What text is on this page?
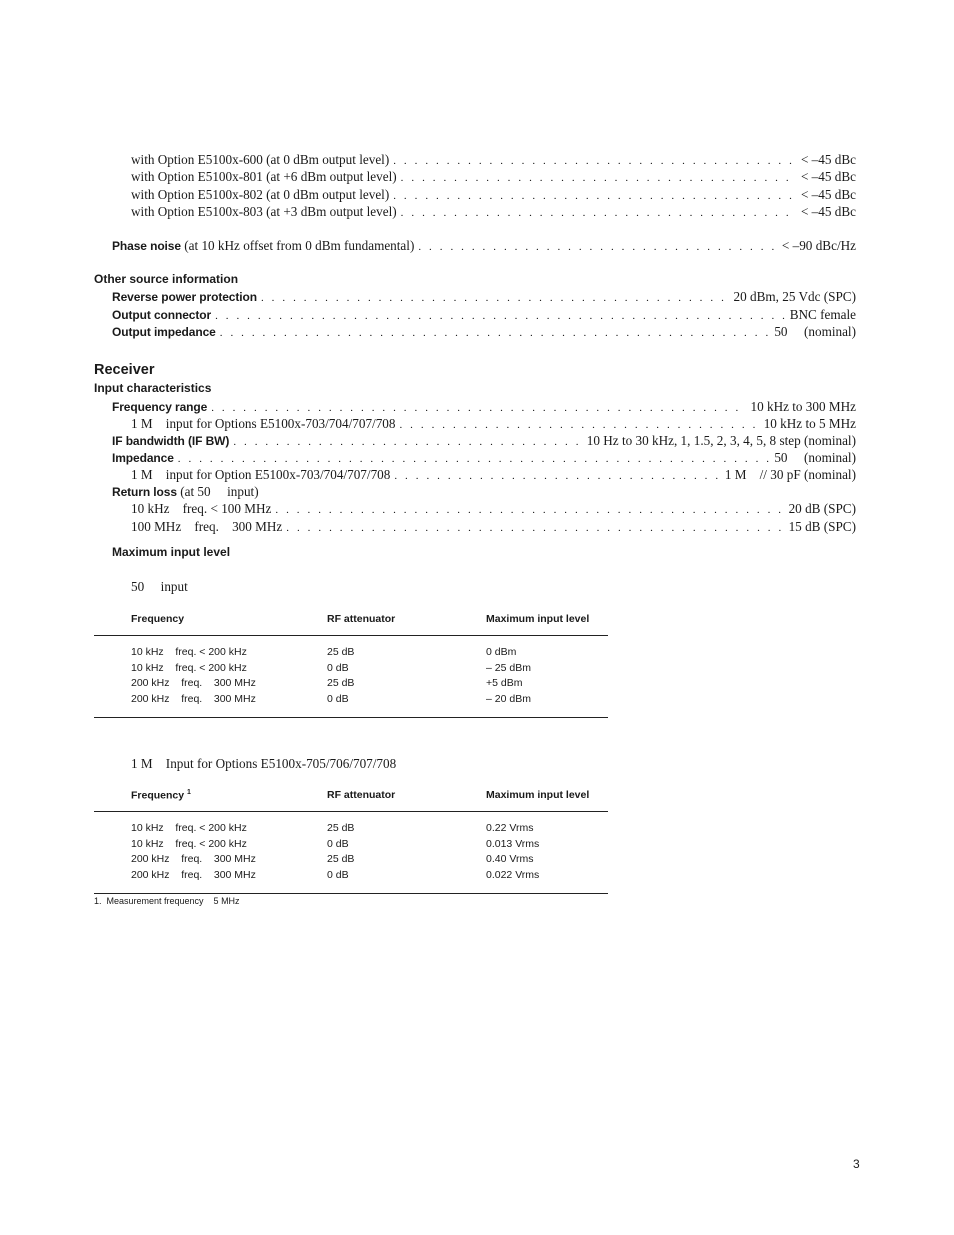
with Option E5100x-600 (at 0 dBm output level) . . .	< –45 dBc
with Option E5100x-801 (at +6 dBm output level) . . .	< –45 dBc
with Option E5100x-802 (at 0 dBm output level) . . .	< –45 dBc
with Option E5100x-803 (at +3 dBm output level) . . .	< –45 dBc
Phase noise (at 10 kHz offset from 0 dBm fundamental) . . .	< –90 dBc/Hz
Other source information
Reverse power protection . . .	20 dBm, 25 Vdc (SPC)
Output connector . . .	BNC female
Output impedance . . .	50     (nominal)
Receiver
Input characteristics
Frequency range . . .	10 kHz to 300 MHz
1 M    input for Options E5100x-703/704/707/708 . . .	10 kHz to 5 MHz
IF bandwidth (IF BW) . . .	10 Hz to 30 kHz, 1, 1.5, 2, 3, 4, 5, 8 step (nominal)
Impedance . . .	50     (nominal)
1 M    input for Option E5100x-703/704/707/708 . . .	1 M    // 30 pF (nominal)
Return loss (at 50     input)
10 kHz    freq. < 100 MHz . . .	20 dB (SPC)
100 MHz    freq.    300 MHz . . .	15 dB (SPC)
Maximum input level
50     input
Frequency	RF attenuator	Maximum input level
10 kHz    freq. < 200 kHz	25 dB	0 dBm
10 kHz    freq. < 200 kHz	0 dB	– 25 dBm
200 kHz    freq.    300 MHz	25 dB	+5 dBm
200 kHz    freq.    300 MHz	0 dB	– 20 dBm
1 M    Input for Options E5100x-705/706/707/708
Frequency $^1$	RF attenuator	Maximum input level
10 kHz    freq. < 200 kHz	25 dB	0.22 Vrms
10 kHz    freq. < 200 kHz	0 dB	0.013 Vrms
200 kHz    freq.    300 MHz	25 dB	0.40 Vrms
200 kHz    freq.    300 MHz	0 dB	0.022 Vrms
1.  Measurement frequency    5 MHz
3
